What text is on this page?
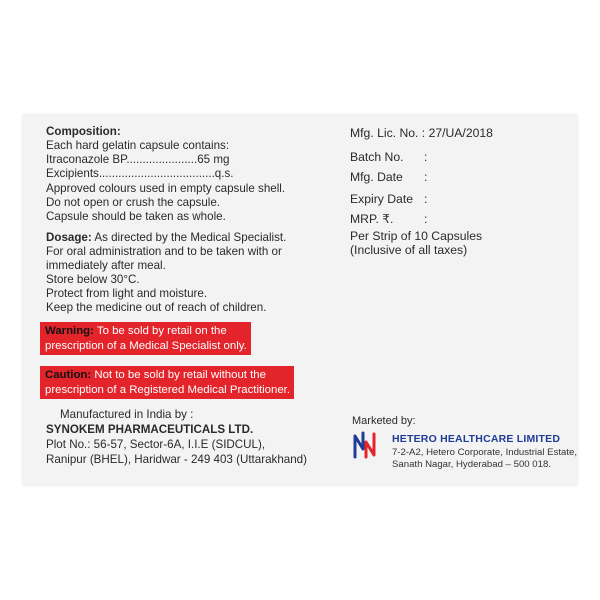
Composition:
Each hard gelatin capsule contains:
Itraconazole BP......................65 mg
Excipients....................................q.s.
Approved colours used in empty capsule shell.
Do not open or crush the capsule.
Capsule should be taken as whole.
Dosage: As directed by the Medical Specialist.
For oral administration and to be taken with or
immediately after meal.
Store below 30°C.
Protect from light and moisture.
Keep the medicine out of reach of children.
Warning: To be sold by retail on the
prescription of a Medical Specialist only.
Caution: Not to be sold by retail without the
prescription of a Registered Medical Practitioner.
Manufactured in India by :
SYNOKEM PHARMACEUTICALS LTD.
Plot No.: 56-57, Sector-6A, I.I.E (SIDCUL),
Ranipur (BHEL), Haridwar - 249 403 (Uttarakhand)
Mfg. Lic. No. : 27/UA/2018
Batch No. :
Mfg. Date :
Expiry Date :
MRP. ₹.	:
Per Strip of 10 Capsules
(Inclusive of all taxes)
Marketed by:
HETERO HEALTHCARE LIMITED
7-2-A2, Hetero Corporate, Industrial Estate,
Sanath Nagar, Hyderabad – 500 018.
